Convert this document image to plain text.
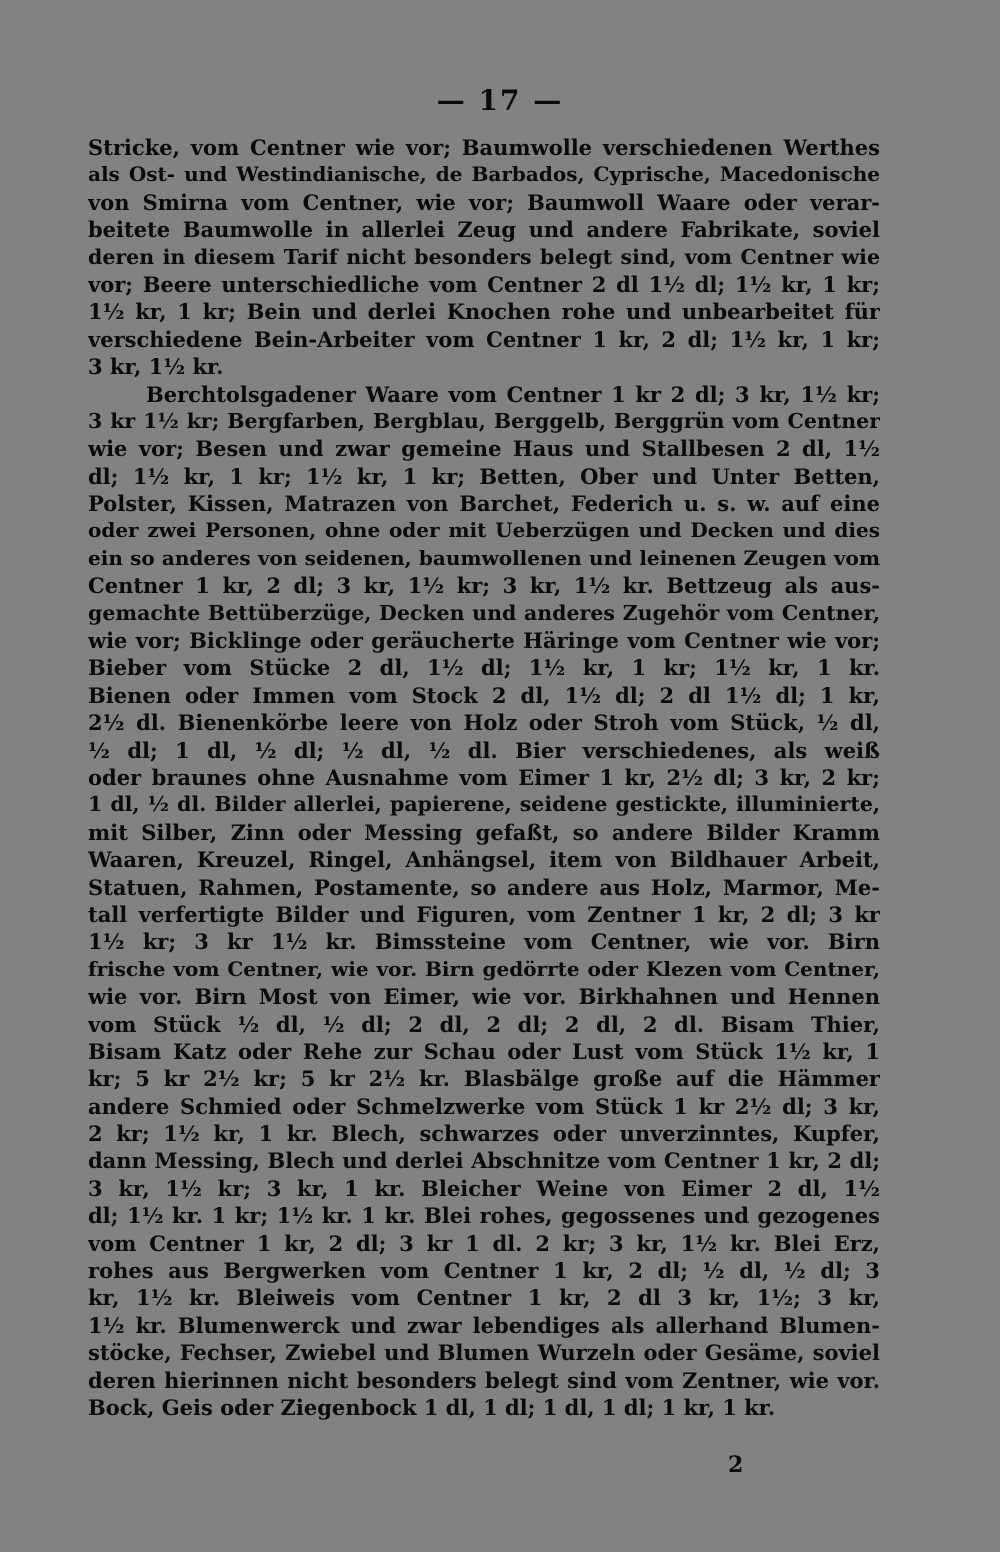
— 17 —
Stricke, vom Centner wie vor; Baumwolle verschiedenen Werthes
als Ost- und Westindianische, de Barbados, Cyprische, Macedonische
von Smirna vom Centner, wie vor; Baumwoll Waare oder verar-
beitete Baumwolle in allerlei Zeug und andere Fabrikate, soviel
deren in diesem Tarif nicht besonders belegt sind, vom Centner wie
vor; Beere unterschiedliche vom Centner 2 dl 1½ dl; 1½ kr, 1 kr;
1½ kr, 1 kr; Bein und derlei Knochen rohe und unbearbeitet für
verschiedene Bein-Arbeiter vom Centner 1 kr, 2 dl; 1½ kr, 1 kr;
3 kr, 1½ kr.
Berchtolsgadener Waare vom Centner 1 kr 2 dl; 3 kr, 1½ kr;
3 kr 1½ kr; Bergfarben, Bergblau, Berggelb, Berggrün vom Centner
wie vor; Besen und zwar gemeine Haus und Stallbesen 2 dl, 1½
dl; 1½ kr, 1 kr; 1½ kr, 1 kr; Betten, Ober und Unter Betten,
Polster, Kissen, Matrazen von Barchet, Federich u. s. w. auf eine
oder zwei Personen, ohne oder mit Ueberzügen und Decken und dies
ein so anderes von seidenen, baumwollenen und leinenen Zeugen vom
Centner 1 kr, 2 dl; 3 kr, 1½ kr; 3 kr, 1½ kr. Bettzeug als aus-
gemachte Bettüberzüge, Decken und anderes Zugehör vom Centner,
wie vor; Bicklinge oder geräucherte Häringe vom Centner wie vor;
Bieber vom Stücke 2 dl, 1½ dl; 1½ kr, 1 kr; 1½ kr, 1 kr.
Bienen oder Immen vom Stock 2 dl, 1½ dl; 2 dl 1½ dl; 1 kr,
2½ dl. Bienenkörbe leere von Holz oder Stroh vom Stück, ½ dl,
½ dl; 1 dl, ½ dl; ½ dl, ½ dl. Bier verschiedenes, als weiß
oder braunes ohne Ausnahme vom Eimer 1 kr, 2½ dl; 3 kr, 2 kr;
1 dl, ½ dl. Bilder allerlei, papierene, seidene gestickte, illuminierte,
mit Silber, Zinn oder Messing gefaßt, so andere Bilder Kramm
Waaren, Kreuzel, Ringel, Anhängsel, item von Bildhauer Arbeit,
Statuen, Rahmen, Postamente, so andere aus Holz, Marmor, Me-
tall verfertigte Bilder und Figuren, vom Zentner 1 kr, 2 dl; 3 kr
1½ kr; 3 kr 1½ kr. Bimssteine vom Centner, wie vor. Birn
frische vom Centner, wie vor. Birn gedörrte oder Klezen vom Centner,
wie vor. Birn Most von Eimer, wie vor. Birkhahnen und Hennen
vom Stück ½ dl, ½ dl; 2 dl, 2 dl; 2 dl, 2 dl. Bisam Thier,
Bisam Katz oder Rehe zur Schau oder Lust vom Stück 1½ kr, 1
kr; 5 kr 2½ kr; 5 kr 2½ kr. Blasbälge große auf die Hämmer
andere Schmied oder Schmelzwerke vom Stück 1 kr 2½ dl; 3 kr,
2 kr; 1½ kr, 1 kr. Blech, schwarzes oder unverzinntes, Kupfer,
dann Messing, Blech und derlei Abschnitze vom Centner 1 kr, 2 dl;
3 kr, 1½ kr; 3 kr, 1 kr. Bleicher Weine von Eimer 2 dl, 1½
dl; 1½ kr. 1 kr; 1½ kr. 1 kr. Blei rohes, gegossenes und gezogenes
vom Centner 1 kr, 2 dl; 3 kr 1 dl. 2 kr; 3 kr, 1½ kr. Blei Erz,
rohes aus Bergwerken vom Centner 1 kr, 2 dl; ½ dl, ½ dl; 3
kr, 1½ kr. Bleiweis vom Centner 1 kr, 2 dl 3 kr, 1½; 3 kr,
1½ kr. Blumenwerck und zwar lebendiges als allerhand Blumen-
stöcke, Fechser, Zwiebel und Blumen Wurzeln oder Gesäme, soviel
deren hierinnen nicht besonders belegt sind vom Zentner, wie vor.
Bock, Geis oder Ziegenbock 1 dl, 1 dl; 1 dl, 1 dl; 1 kr, 1 kr.
2
